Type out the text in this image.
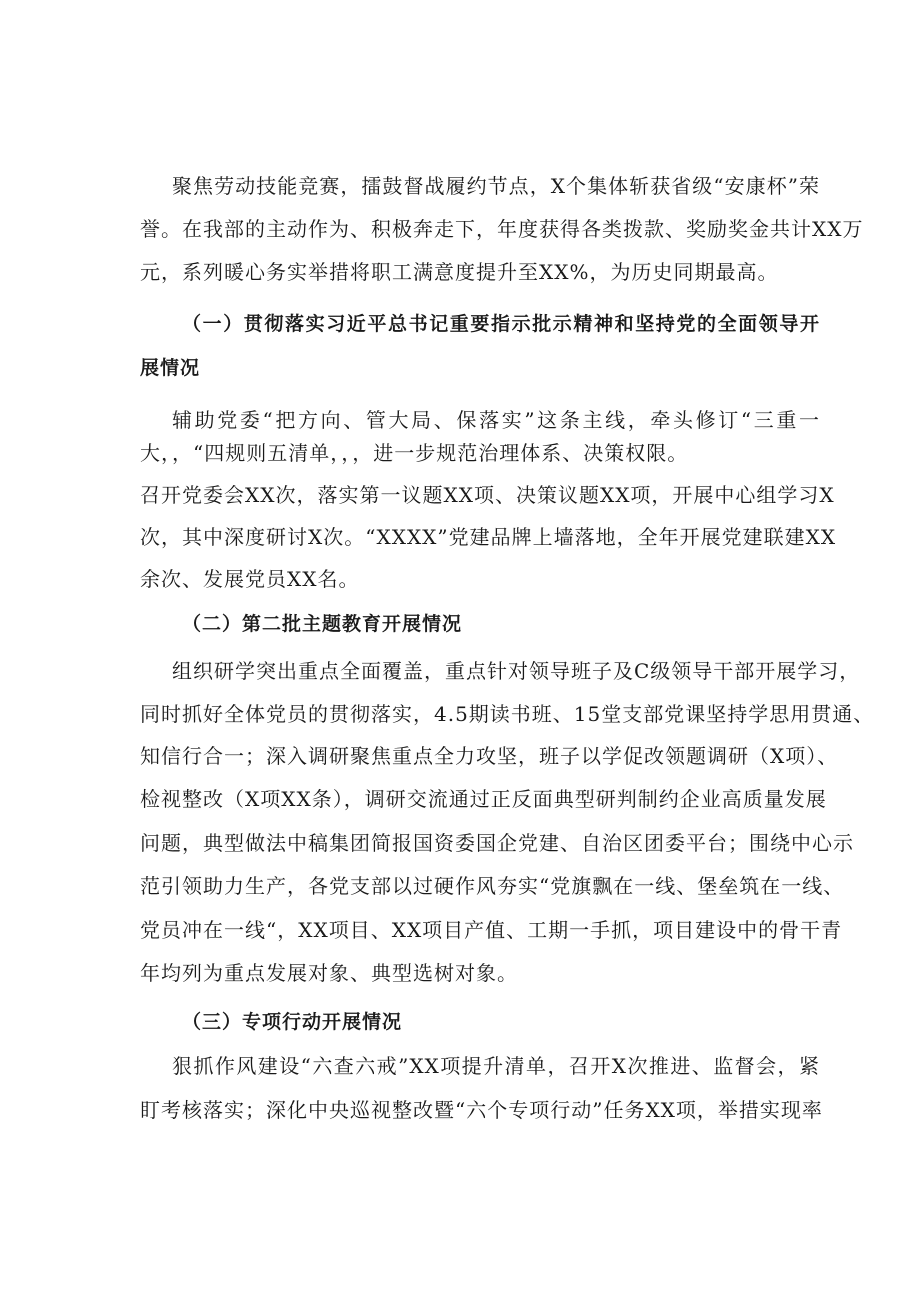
聚焦劳动技能竞赛，擂鼓督战履约节点，X个集体斩获省级“安康杯”荣
誉。在我部的主动作为、积极奔走下，年度获得各类拨款、奖励奖金共计XX万
元，系列暖心务实举措将职工满意度提升至XX%，为历史同期最高。
（一）贯彻落实习近平总书记重要指示批示精神和坚持党的全面领导开
展情况
辅助党委“把方向、管大局、保落实”这条主线，牵头修订“三重一
大，，“四规则五清单，，，进一步规范治理体系、决策权限。
召开党委会XX次，落实第一议题XX项、决策议题XX项，开展中心组学习X
次，其中深度研讨X次。“XXXX”党建品牌上墙落地，全年开展党建联建XX
余次、发展党员XX名。
（二）第二批主题教育开展情况
组织研学突出重点全面覆盖，重点针对领导班子及C级领导干部开展学习，
同时抓好全体党员的贯彻落实，4.5期读书班、15堂支部党课坚持学思用贯通、
知信行合一；深入调研聚焦重点全力攻坚，班子以学促改领题调研（X项）、
检视整改（X项XX条），调研交流通过正反面典型研判制约企业高质量发展
问题，典型做法中稿集团简报国资委国企党建、自治区团委平台；围绕中心示
范引领助力生产，各党支部以过硬作风夯实“党旗飘在一线、堡垒筑在一线、
党员冲在一线“，XX项目、XX项目产值、工期一手抓，项目建设中的骨干青
年均列为重点发展对象、典型选树对象。
（三）专项行动开展情况
狠抓作风建设“六查六戒”XX项提升清单，召开X次推进、监督会，紧
盯考核落实；深化中央巡视整改暨“六个专项行动”任务XX项，举措实现率
